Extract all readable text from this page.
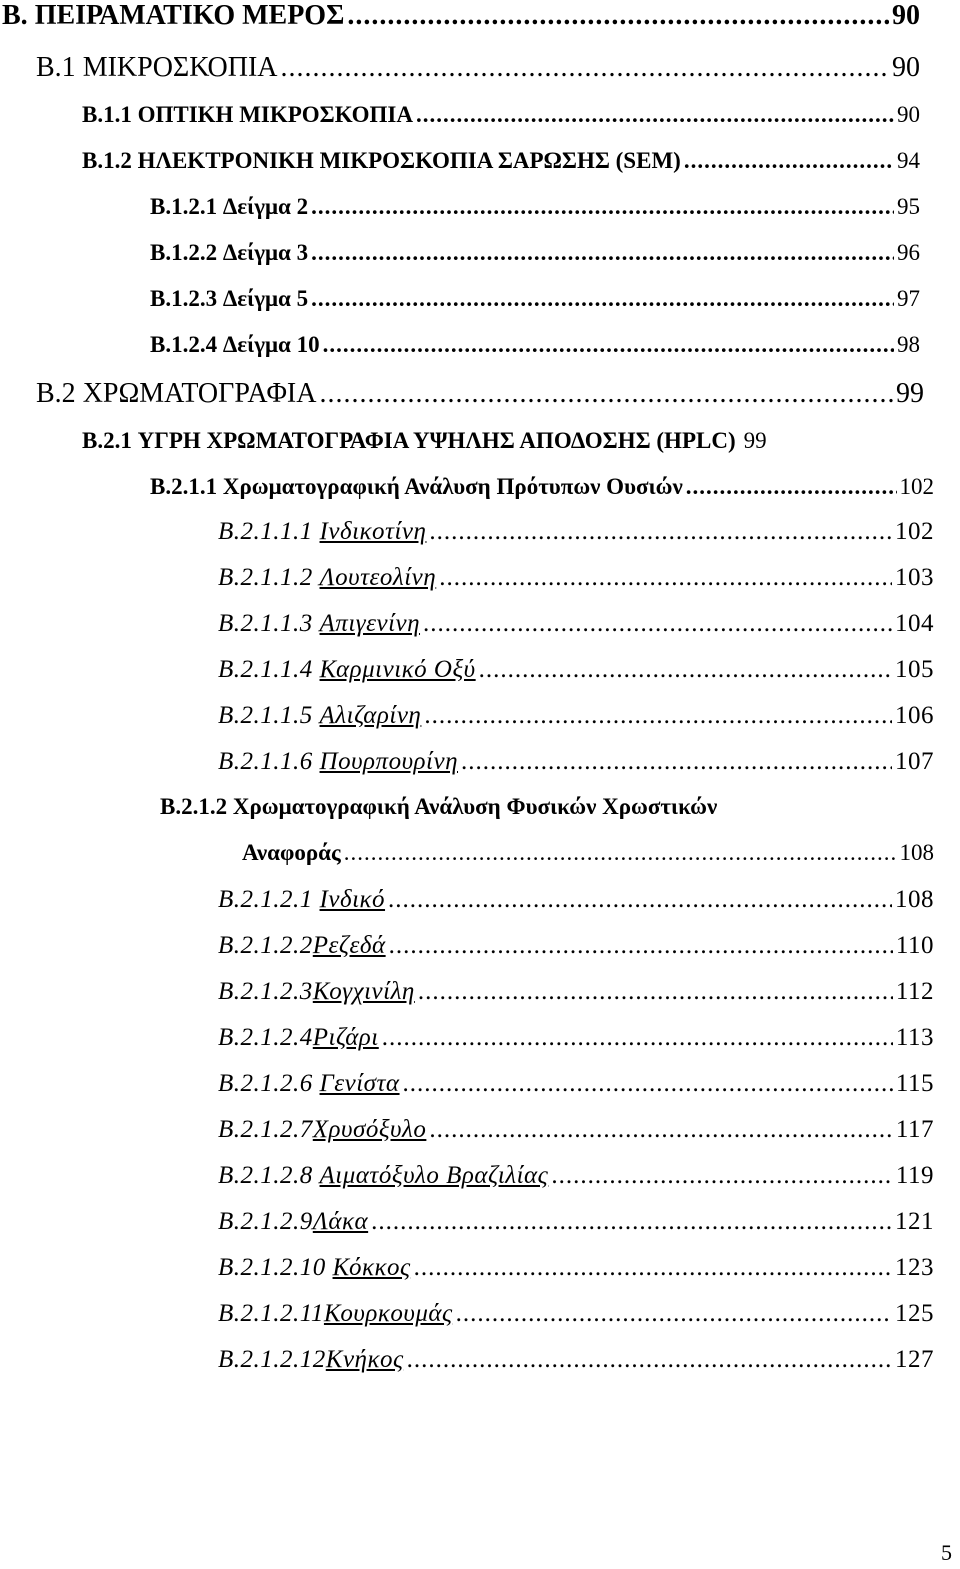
B. ΠΕΙΡΑΜΑΤΙΚΟ ΜΕΡΟΣ .....	90
B.1 ΜΙΚΡΟΣΚΟΠΙΑ .....	90
B.1.1 ΟΠΤΙΚΗ ΜΙΚΡΟΣΚΟΠΙΑ .....	90
B.1.2 ΗΛΕΚΤΡΟΝΙΚΗ ΜΙΚΡΟΣΚΟΠΙΑ ΣΑΡΩΣΗΣ (SEM) .....	94
B.1.2.1 Δείγμα 2 .....	95
B.1.2.2 Δείγμα 3 .....	96
B.1.2.3 Δείγμα 5 .....	97
B.1.2.4 Δείγμα 10 .....	98
B.2 ΧΡΩΜΑΤΟΓΡΑΦΙΑ .....	99
B.2.1 ΥΓΡΗ ΧΡΩΜΑΤΟΓΡΑΦΙΑ ΥΨΗΛΗΣ ΑΠΟΔΟΣΗΣ (HPLC) 99
B.2.1.1 Χρωματογραφική Ανάλυση Πρότυπων Ουσιών .....	102
B.2.1.1.1 Ινδικοτίνη .....	102
B.2.1.1.2 Λουτεολίνη .....	103
B.2.1.1.3 Απιγενίνη .....	104
B.2.1.1.4 Καρμινικό Οξύ .....	105
B.2.1.1.5 Αλιζαρίνη .....	106
B.2.1.1.6 Πουρπουρίνη .....	107
B.2.1.2 Χρωματογραφική Ανάλυση Φυσικών Χρωστικών
Αναφοράς .....	108
B.2.1.2.1 Ινδικό .....	108
B.2.1.2.2Ρεζεδά .....	110
B.2.1.2.3Κογχινίλη .....	112
B.2.1.2.4Ριζάρι .....	113
B.2.1.2.6 Γενίστα .....	115
B.2.1.2.7Χρυσόξυλο .....	117
B.2.1.2.8 Αιματόξυλο Βραζιλίας .....	119
B.2.1.2.9Λάκα .....	121
B.2.1.2.10 Κόκκος .....	123
B.2.1.2.11Κουρκουμάς .....	125
B.2.1.2.12Κνήκος .....	127
5
